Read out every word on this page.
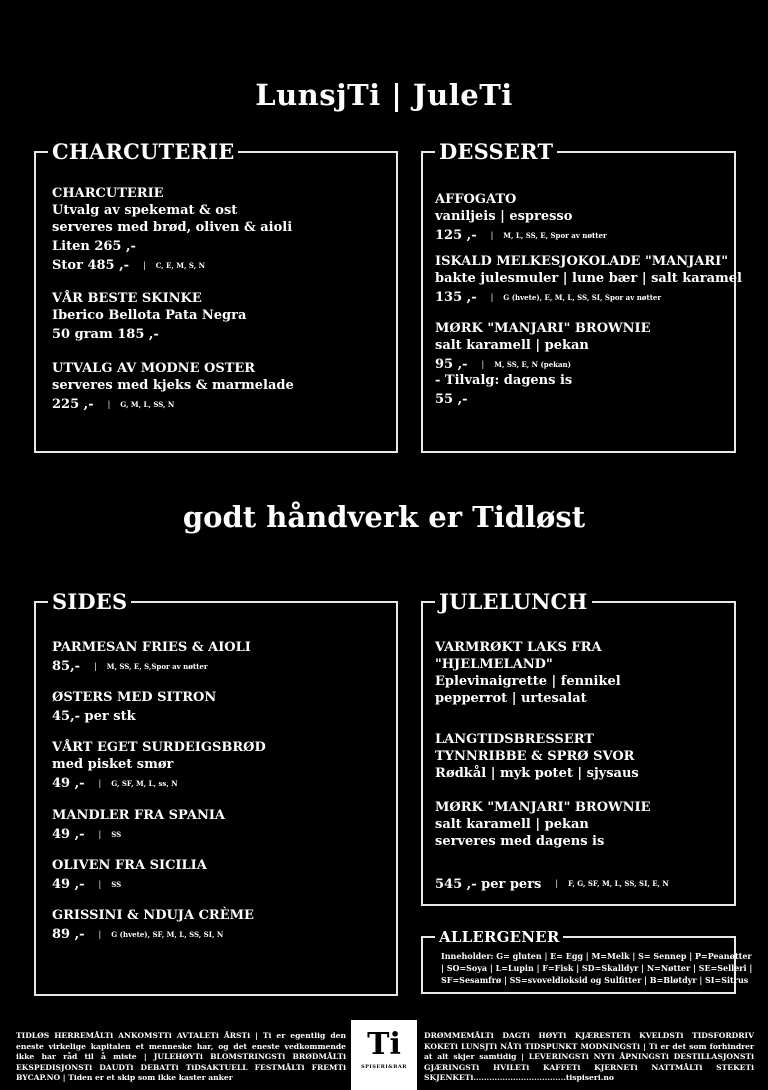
LunsjTi | JuleTi
CHARCUTERIE
CHARCUTERIE
Utvalg av spekemat & ost
serveres med brød, oliven & aioli
Liten 265 ,-
Stor 485 ,- | C, E, M, S, N
VÅR BESTE SKINKE
Iberico Bellota Pata Negra
50 gram 185 ,-
UTVALG AV MODNE OSTER
serveres med kjeks & marmelade
225 ,- | G, M, L, SS, N
DESSERT
AFFOGATO
vaniljeis | espresso
125 ,- | M, L, SS, E, Spor av nøtter
ISKALD MELKESJOKOLADE "MANJARI"
bakte julesmuler | lune bær | salt karamel
135 ,- | G (hvete), E, M, L, SS, SI, Spor av nøtter
MØRK "MANJARI" BROWNIE
salt karamell | pekan
95 ,- | M, SS, E, N (pekan)
- Tilvalg: dagens is
55 ,-
godt håndverk er Tidløst
SIDES
PARMESAN FRIES & AIOLI
85,- | M, SS, E, S,Spor av nøtter
ØSTERS MED SITRON
45,- per stk
VÅRT EGET SURDEIGSBRØD
med pisket smør
49 ,- | G, SF, M, L, ss, N
MANDLER FRA SPANIA
49 ,- | SS
OLIVEN FRA SICILIA
49 ,- | SS
GRISSINI & NDUJA CRÈME
89 ,- | G (hvete), SF, M, L, SS, SI, N
JULELUNCH
VARMRØKT LAKS FRA
"HJELMELAND"
Eplevinaigrette | fennikel
pepperrot | urtesalat
LANGTIDSBRESSERT
TYNNRIBBE & SPRØ SVOR
Rødkål | myk potet | sjysaus
MØRK "MANJARI" BROWNIE
salt karamell | pekan
serveres med dagens is
545 ,- per pers | F, G, SF, M, L, SS, SI, E, N
ALLERGENER
Inneholder: G= gluten | E= Egg | M=Melk | S= Sennep | P=Peanøtter
| SO=Soya | L=Lupin | F=Fisk | SD=Skalldyr | N=Nøtter | SE=Selleri |
SF=Sesamfrø | SS=svoveldioksid og Sulfitter | B=Bløtdyr | SI=Sitrus
TIDLØS HERREMÅLTi ANKOMSTTi AVTALETi ÅRSTi | Ti er egentlig den eneste virkelige kapitalen et menneske har, og det eneste vedkommende ikke har råd til å miste | JULEHØYTi BLOMSTRINGSTi BRØDMÅLTi EKSPEDISJONSTi DAUDTi DEBATTi TiDSAKTUELL FESTMÅLTi FREMTi BYCAP.NO | Tiden er et skip som ikke kaster anker
Ti
SPISERI&BAR
DRØMMEMÅLTi DAGTi HØYTi KJÆRESTETi KVELDSTi TIDSFORDRIV KOKETi LUNSJTi NÅTi TIDSPUNKT MODNINGSTi | Ti er det som forhindrer at alt skjer samtidig | LEVERINGSTi NYTi ÅPNINGSTi DESTILLASJONSTi GJÆRINGSTi HVILETi KAFFETi KJERNETi NATTMÅLTi STEKETi SKJENKETi...................................tispiseri.no
